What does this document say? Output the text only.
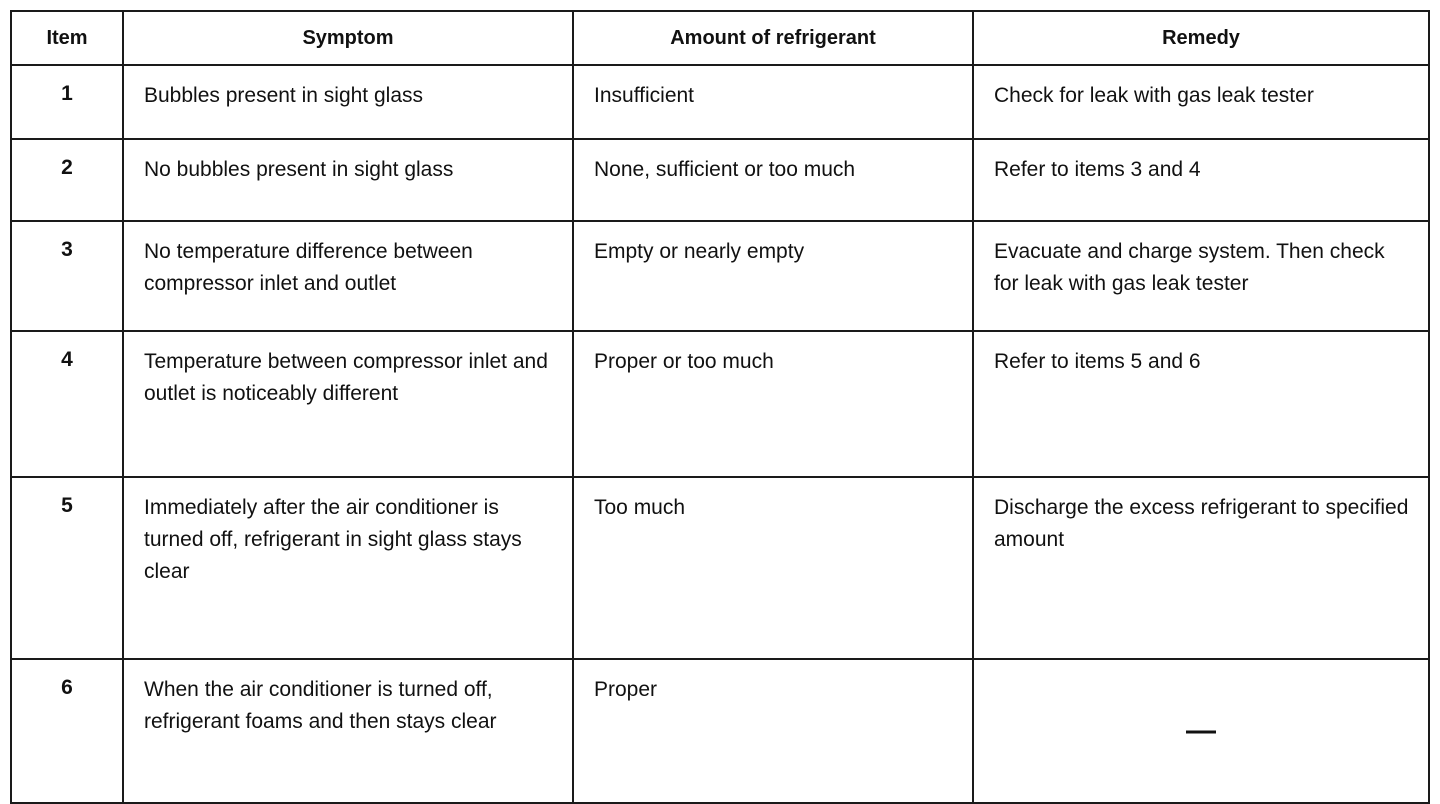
Item	Symptom	Amount of refrigerant	Remedy
1	Bubbles present in sight glass	Insufficient	Check for leak with gas leak tester
2	No bubbles present in sight glass	None, sufficient or too much	Refer to items 3 and 4
3	No temperature difference between compressor inlet and outlet	Empty or nearly empty	Evacuate and charge system. Then check for leak with gas leak tester
4	Temperature between compressor inlet and outlet is noticeably different	Proper or too much	Refer to items 5 and 6
5	Immediately after the air conditioner is turned off, refrigerant in sight glass stays clear	Too much	Discharge the excess refrigerant to specified amount
6	When the air conditioner is turned off, refrigerant foams and then stays clear	Proper	—
